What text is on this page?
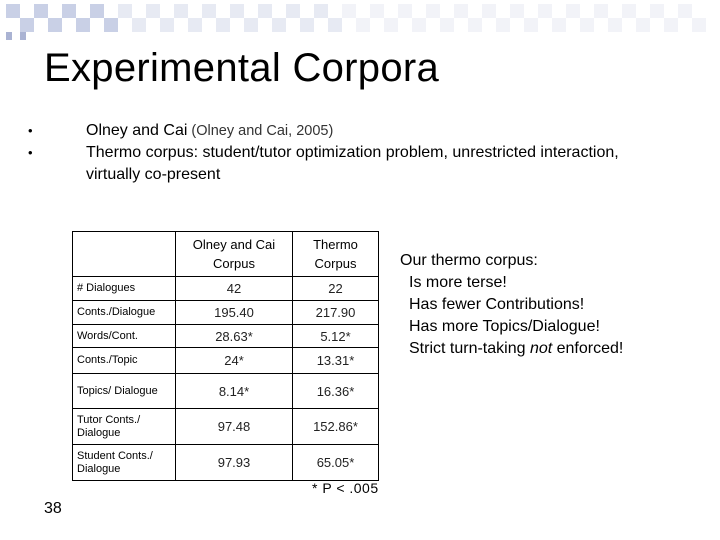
Experimental Corpora
•	Olney and Cai (Olney and Cai, 2005)
•	Thermo corpus: student/tutor optimization problem, unrestricted interaction, virtually co-present
	Olney and Cai Corpus	Thermo Corpus
# Dialogues	42	22
Conts./Dialogue	195.40	217.90
Words/Cont.	28.63*	5.12*
Conts./Topic	24*	13.31*
Topics/ Dialogue	8.14*	16.36*
Tutor Conts./ Dialogue	97.48	152.86*
Student Conts./ Dialogue	97.93	65.05*
* P < .005
38
Our thermo corpus:
Is more terse!
Has fewer Contributions!
Has more Topics/Dialogue!
Strict turn-taking not enforced!
